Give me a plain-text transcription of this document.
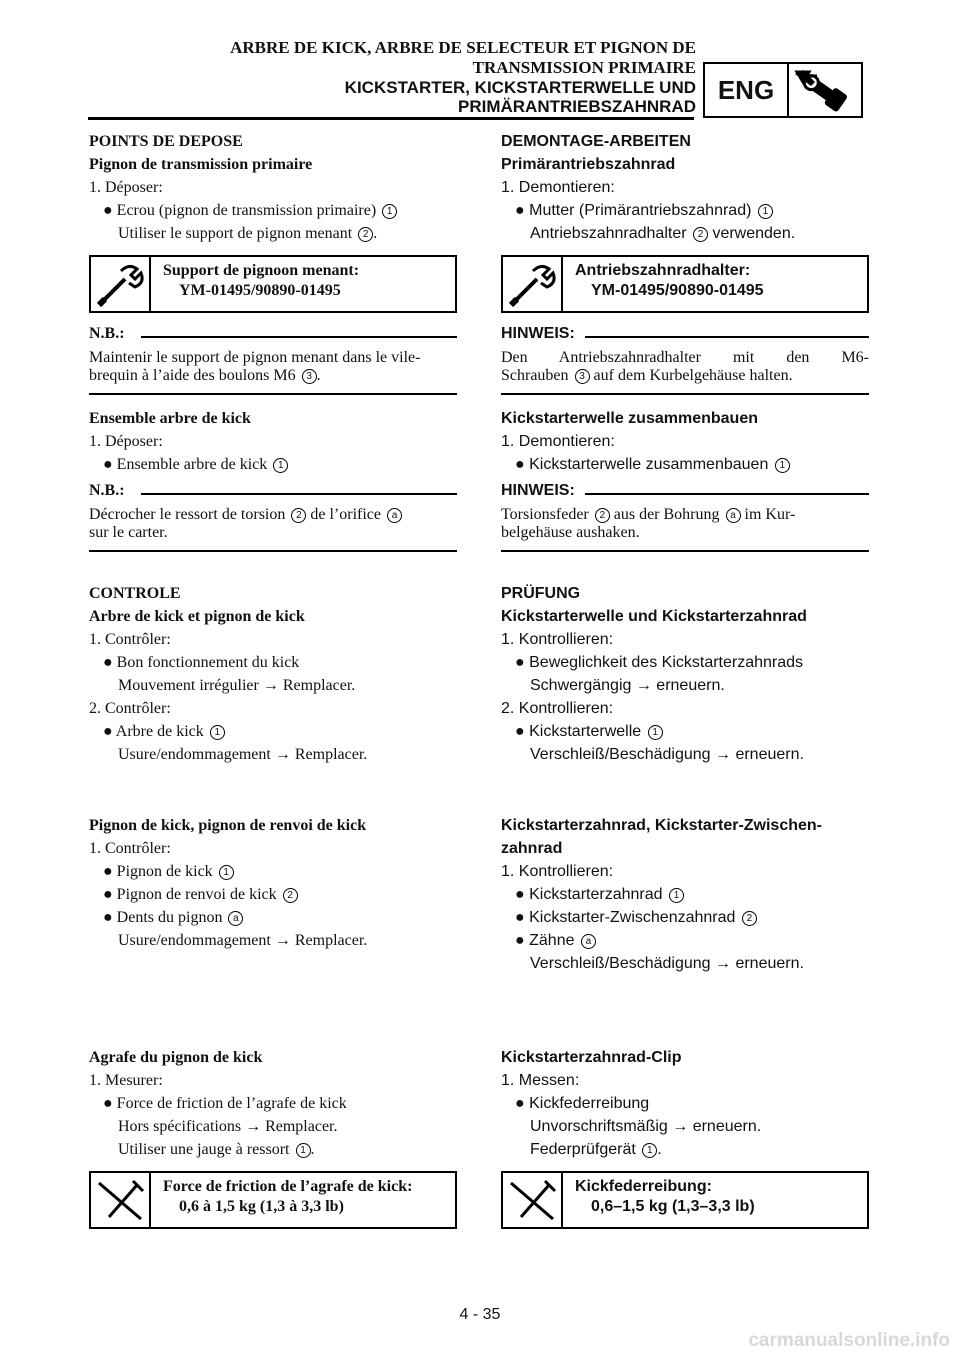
ARBRE DE KICK, ARBRE DE SELECTEUR ET PIGNON DE
TRANSMISSION PRIMAIRE
KICKSTARTER, KICKSTARTERWELLE UND
PRIMÄRANTRIEBSZAHNRAD
ENG
POINTS DE DEPOSE
Pignon de transmission primaire
1. Déposer:
● Ecrou (pignon de transmission primaire) 1
Utiliser le support de pignon menant 2 .
Support de pignoon menant:
YM-01495/90890-01495
N.B.:
Maintenir le support de pignon menant dans le vile-
brequin à l’aide des boulons M6 3 .
Ensemble arbre de kick
1. Déposer:
● Ensemble arbre de kick 1
N.B.:
Décrocher le ressort de torsion 2 de l’orifice a
sur le carter.
CONTROLE
Arbre de kick et pignon de kick
1. Contrôler:
● Bon fonctionnement du kick
Mouvement irrégulier → Remplacer.
2. Contrôler:
● Arbre de kick 1
Usure/endommagement → Remplacer.
Pignon de kick, pignon de renvoi de kick
1. Contrôler:
● Pignon de kick 1
● Pignon de renvoi de kick 2
● Dents du pignon a
Usure/endommagement → Remplacer.
Agrafe du pignon de kick
1. Mesurer:
● Force de friction de l’agrafe de kick
Hors spécifications → Remplacer.
Utiliser une jauge à ressort 1 .
Force de friction de l’agrafe de kick:
0,6 à 1,5 kg (1,3 à 3,3 lb)
DEMONTAGE-ARBEITEN
Primärantriebszahnrad
1. Demontieren:
● Mutter (Primärantriebszahnrad) 1
Antriebszahnradhalter 2 verwenden.
Antriebszahnradhalter:
YM-01495/90890-01495
HINWEIS:
Den Antriebszahnradhalter mit den M6-
Schrauben 3 auf dem Kurbelgehäuse halten.
Kickstarterwelle zusammenbauen
1. Demontieren:
● Kickstarterwelle zusammenbauen 1
HINWEIS:
Torsionsfeder 2 aus der Bohrung a im Kur-
belgehäuse aushaken.
PRÜFUNG
Kickstarterwelle und Kickstarterzahnrad
1. Kontrollieren:
● Beweglichkeit des Kickstarterzahnrads
Schwergängig → erneuern.
2. Kontrollieren:
● Kickstarterwelle 1
Verschleiß/Beschädigung → erneuern.
Kickstarterzahnrad, Kickstarter-Zwischen-
zahnrad
1. Kontrollieren:
● Kickstarterzahnrad 1
● Kickstarter-Zwischenzahnrad 2
● Zähne a
Verschleiß/Beschädigung → erneuern.
Kickstarterzahnrad-Clip
1. Messen:
● Kickfederreibung
Unvorschriftsmäßig → erneuern.
Federprüfgerät 1 .
Kickfederreibung:
0,6–1,5 kg (1,3–3,3 lb)
4 - 35
carmanualsonline.info
